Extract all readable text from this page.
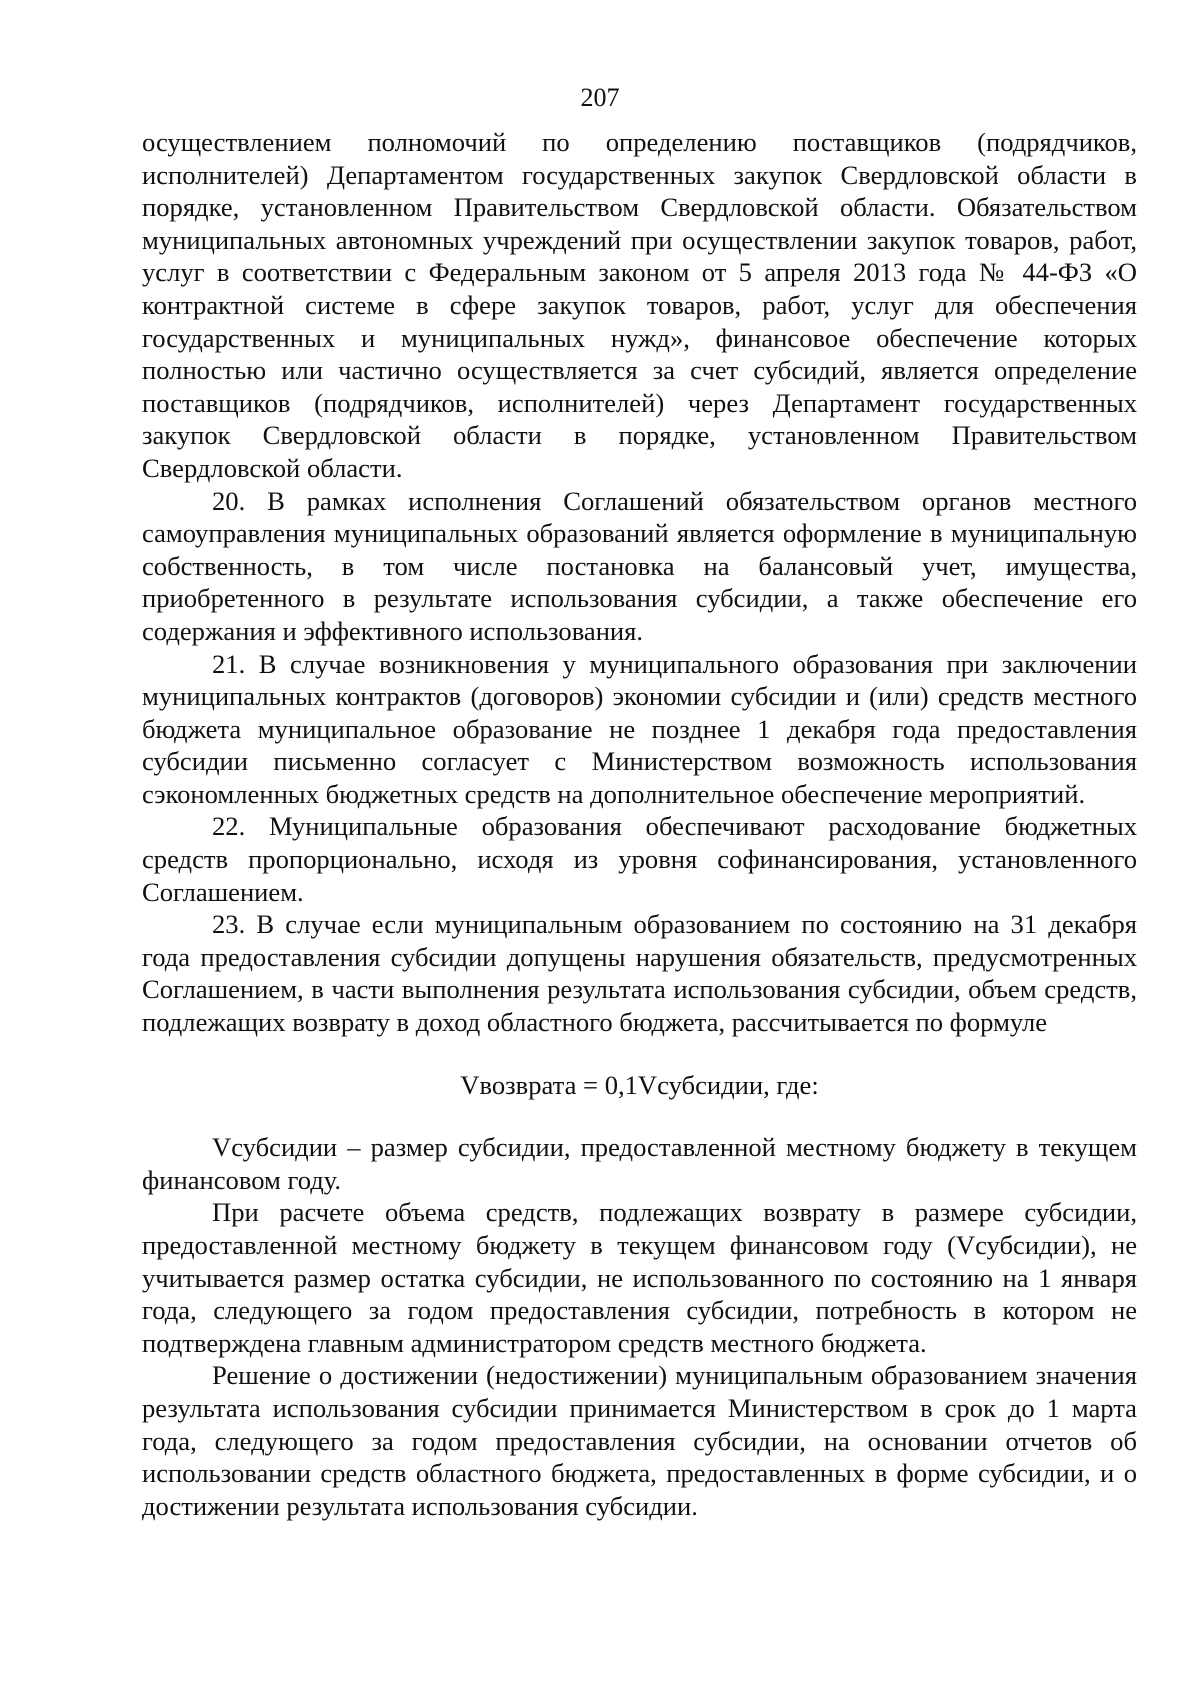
207

осуществлением полномочий по определению поставщиков (подрядчиков, исполнителей) Департаментом государственных закупок Свердловской области в порядке, установленном Правительством Свердловской области. Обязательством муниципальных автономных учреждений при осуществлении закупок товаров, работ, услуг в соответствии с Федеральным законом от 5 апреля 2013 года № 44-ФЗ «О контрактной системе в сфере закупок товаров, работ, услуг для обеспечения государственных и муниципальных нужд», финансовое обеспечение которых полностью или частично осуществляется за счет субсидий, является определение поставщиков (подрядчиков, исполнителей) через Департамент государственных закупок Свердловской области в порядке, установленном Правительством Свердловской области.

20. В рамках исполнения Соглашений обязательством органов местного самоуправления муниципальных образований является оформление в муниципальную собственность, в том числе постановка на балансовый учет, имущества, приобретенного в результате использования субсидии, а также обеспечение его содержания и эффективного использования.

21. В случае возникновения у муниципального образования при заключении муниципальных контрактов (договоров) экономии субсидии и (или) средств местного бюджета муниципальное образование не позднее 1 декабря года предоставления субсидии письменно согласует с Министерством возможность использования сэкономленных бюджетных средств на дополнительное обеспечение мероприятий.

22. Муниципальные образования обеспечивают расходование бюджетных средств пропорционально, исходя из уровня софинансирования, установленного Соглашением.

23. В случае если муниципальным образованием по состоянию на 31 декабря года предоставления субсидии допущены нарушения обязательств, предусмотренных Соглашением, в части выполнения результата использования субсидии, объем средств, подлежащих возврату в доход областного бюджета, рассчитывается по формуле

Vвозврата = 0,1Vсубсидии, где:

Vсубсидии – размер субсидии, предоставленной местному бюджету в текущем финансовом году.

При расчете объема средств, подлежащих возврату в размере субсидии, предоставленной местному бюджету в текущем финансовом году (Vсубсидии), не учитывается размер остатка субсидии, не использованного по состоянию на 1 января года, следующего за годом предоставления субсидии, потребность в котором не подтверждена главным администратором средств местного бюджета.

Решение о достижении (недостижении) муниципальным образованием значения результата использования субсидии принимается Министерством в срок до 1 марта года, следующего за годом предоставления субсидии, на основании отчетов об использовании средств областного бюджета, предоставленных в форме субсидии, и о достижении результата использования субсидии.
